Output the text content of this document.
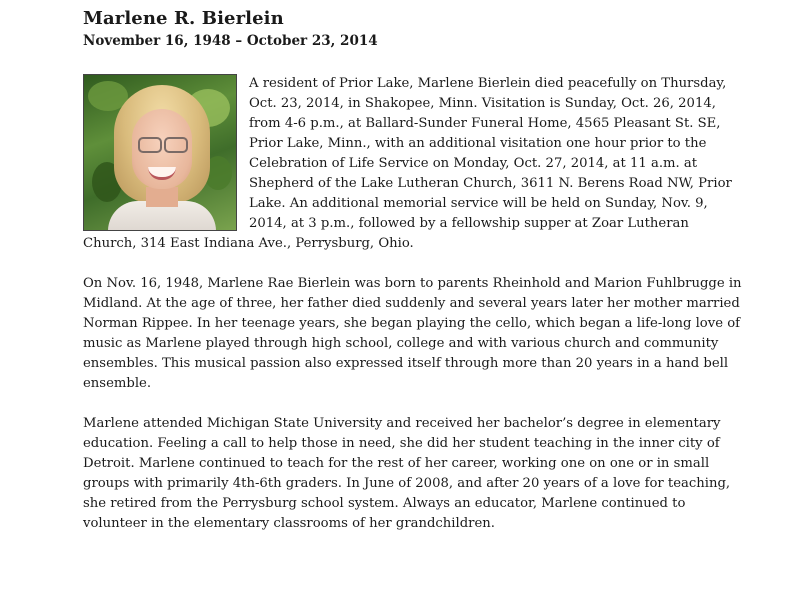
Marlene R. Bierlein
November 16, 1948 – October 23, 2014

A resident of Prior Lake, Marlene Bierlein died peacefully on Thursday, Oct. 23, 2014, in Shakopee, Minn. Visitation is Sunday, Oct. 26, 2014, from 4-6 p.m., at Ballard-Sunder Funeral Home, 4565 Pleasant St. SE, Prior Lake, Minn., with an additional visitation one hour prior to the Celebration of Life Service on Monday, Oct. 27, 2014, at 11 a.m. at Shepherd of the Lake Lutheran Church, 3611 N. Berens Road NW, Prior Lake. An additional memorial service will be held on Sunday, Nov. 9, 2014, at 3 p.m., followed by a fellowship supper at Zoar Lutheran Church, 314 East Indiana Ave., Perrysburg, Ohio.

On Nov. 16, 1948, Marlene Rae Bierlein was born to parents Rheinhold and Marion Fuhlbrugge in Midland. At the age of three, her father died suddenly and several years later her mother married Norman Rippee. In her teenage years, she began playing the cello, which began a life-long love of music as Marlene played through high school, college and with various church and community ensembles. This musical passion also expressed itself through more than 20 years in a hand bell ensemble.

Marlene attended Michigan State University and received her bachelor’s degree in elementary education. Feeling a call to help those in need, she did her student teaching in the inner city of Detroit. Marlene continued to teach for the rest of her career, working one on one or in small groups with primarily 4th-6th graders. In June of 2008, and after 20 years of a love for teaching, she retired from the Perrysburg school system. Always an educator, Marlene continued to volunteer in the elementary classrooms of her grandchildren.
